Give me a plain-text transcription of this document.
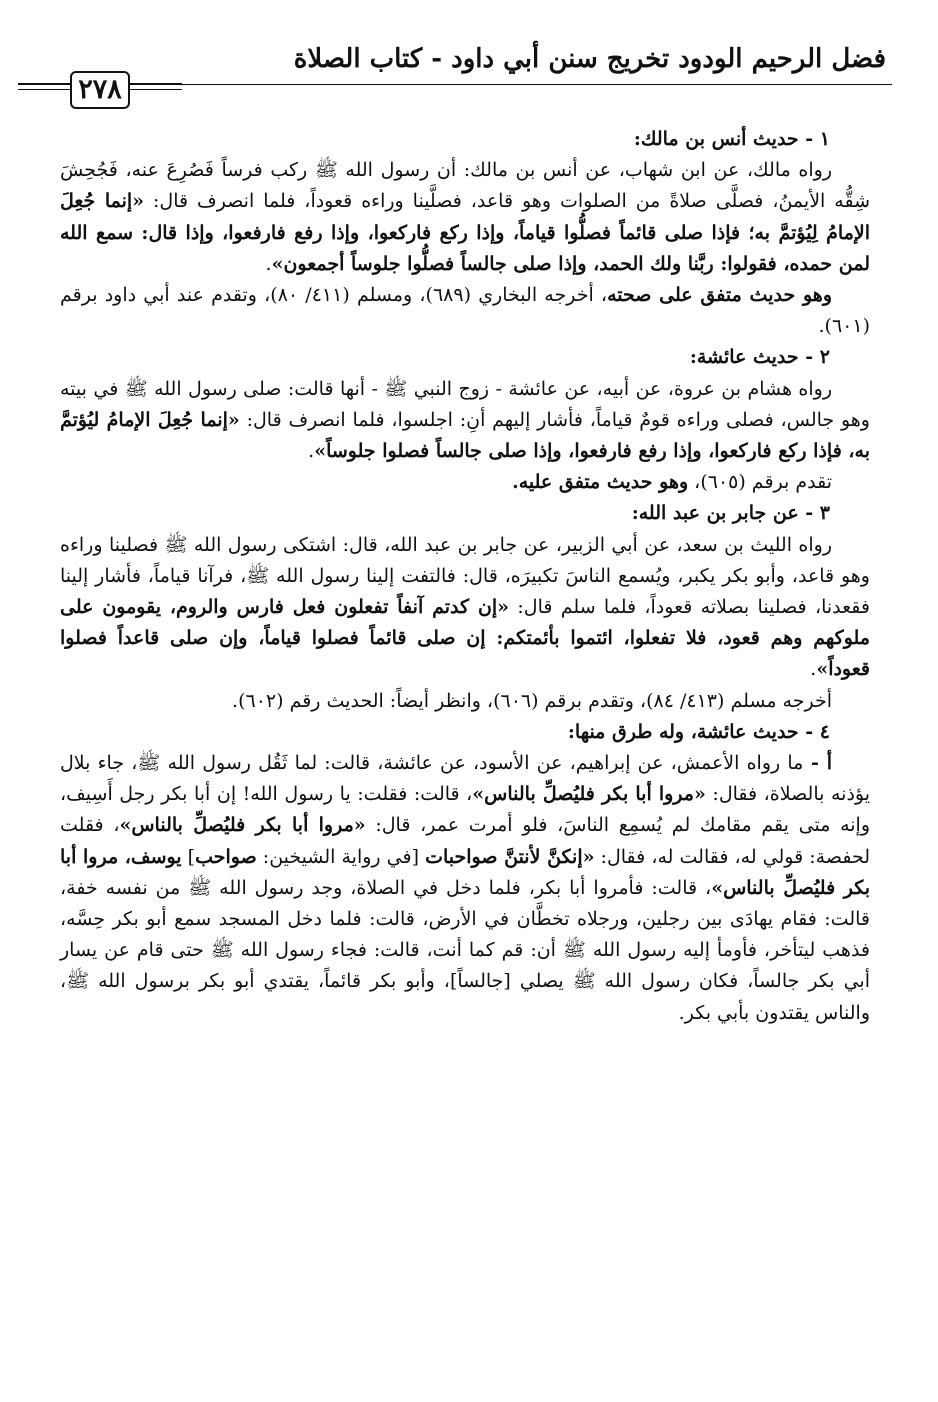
فضل الرحيم الودود تخريج سنن أبي داود - كتاب الصلاة
٢٧٨

١ - حديث أنس بن مالك:

رواه مالك، عن ابن شهاب، عن أنس بن مالك: أن رسول الله ﷺ ركب فرساً فَصُرِعَ عنه، فَجُحِشَ شِقُّه الأيمنُ، فصلَّى صلاةً من الصلوات وهو قاعد، فصلَّينا وراءه قعوداً، فلما انصرف قال: «إنما جُعِلَ الإمامُ لِيُؤتمَّ به؛ فإذا صلى قائماً فصلُّوا قياماً، وإذا ركع فاركعوا، وإذا رفع فارفعوا، وإذا قال: سمع الله لمن حمده، فقولوا: ربَّنا ولك الحمد، وإذا صلى جالساً فصلُّوا جلوساً أجمعون».

وهو حديث متفق على صحته، أخرجه البخاري (٦٨٩)، ومسلم (٤١١/ ٨٠)، وتقدم عند أبي داود برقم (٦٠١).

٢ - حديث عائشة:

رواه هشام بن عروة، عن أبيه، عن عائشة - زوج النبي ﷺ - أنها قالت: صلى رسول الله ﷺ في بيته وهو جالس، فصلى وراءه قومٌ قياماً، فأشار إليهم أنِ: اجلسوا، فلما انصرف قال: «إنما جُعِلَ الإمامُ ليُؤتمَّ به، فإذا ركع فاركعوا، وإذا رفع فارفعوا، وإذا صلى جالساً فصلوا جلوساً».

تقدم برقم (٦٠٥)، وهو حديث متفق عليه.

٣ - عن جابر بن عبد الله:

رواه الليث بن سعد، عن أبي الزبير، عن جابر بن عبد الله، قال: اشتكى رسول الله ﷺ فصلينا وراءه وهو قاعد، وأبو بكر يكبر، ويُسمع الناسَ تكبيرَه، قال: فالتفت إلينا رسول الله ﷺ، فرآنا قياماً، فأشار إلينا فقعدنا، فصلينا بصلاته قعوداً، فلما سلم قال: «إن كدتم آنفاً تفعلون فعل فارس والروم، يقومون على ملوكهم وهم قعود، فلا تفعلوا، ائتموا بأئمتكم: إن صلى قائماً فصلوا قياماً، وإن صلى قاعداً فصلوا قعوداً».

أخرجه مسلم (٤١٣/ ٨٤)، وتقدم برقم (٦٠٦)، وانظر أيضاً: الحديث رقم (٦٠٢).

٤ - حديث عائشة، وله طرق منها:

أ - ما رواه الأعمش، عن إبراهيم، عن الأسود، عن عائشة، قالت: لما ثَقُل رسول الله ﷺ، جاء بلال يؤذنه بالصلاة، فقال: «مروا أبا بكر فليُصلِّ بالناس»، قالت: فقلت: يا رسول الله! إن أبا بكر رجل أَسِيف، وإنه متى يقم مقامك لم يُسمِع الناسَ، فلو أمرت عمر، قال: «مروا أبا بكر فليُصلِّ بالناس»، فقلت لحفصة: قولي له، فقالت له، فقال: «إنكنَّ لأنتنَّ صواحبات [في رواية الشيخين: صواحب] يوسف، مروا أبا بكر فليُصلِّ بالناس»، قالت: فأمروا أبا بكر، فلما دخل في الصلاة، وجد رسول الله ﷺ من نفسه خفة، قالت: فقام يهادَى بين رجلين، ورجلاه تخطَّان في الأرض، قالت: فلما دخل المسجد سمع أبو بكر حِسَّه، فذهب ليتأخر، فأومأ إليه رسول الله ﷺ أن: قم كما أنت، قالت: فجاء رسول الله ﷺ حتى قام عن يسار أبي بكر جالساً، فكان رسول الله ﷺ يصلي [جالساً]، وأبو بكر قائماً، يقتدي أبو بكر برسول الله ﷺ، والناس يقتدون بأبي بكر.
